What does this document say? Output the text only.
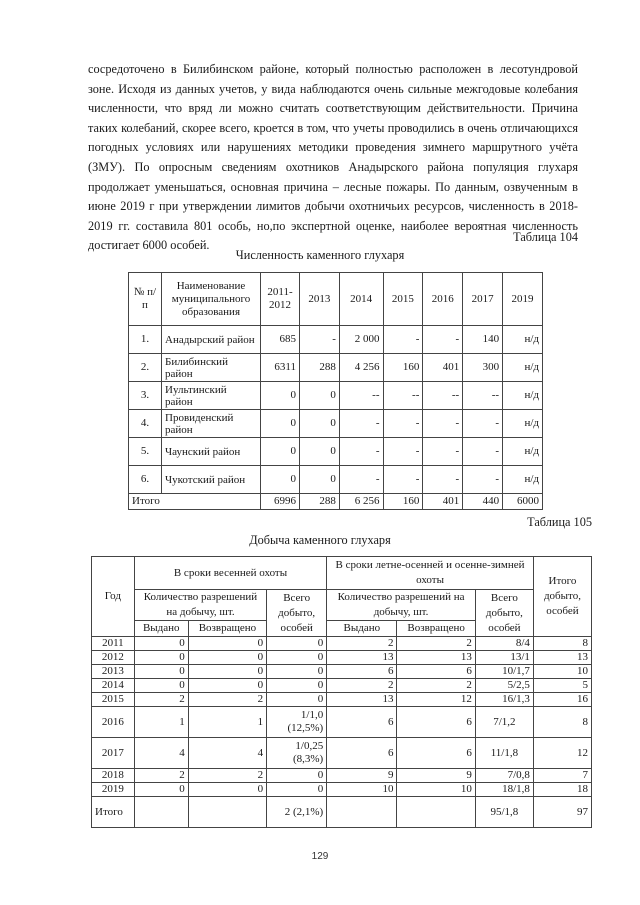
сосредоточено в Билибинском районе, который полностью расположен в лесотундровой зоне. Исходя из данных учетов, у вида наблюдаются очень сильные межгодовые колебания численности, что вряд ли можно считать соответствующим действительности. Причина таких колебаний, скорее всего, кроется в том, что учеты проводились в очень отличающихся погодных условиях или нарушениях методики проведения зимнего маршрутного учёта (ЗМУ). По опросным сведениям охотников Анадырского района популяция глухаря продолжает уменьшаться, основная причина – лесные пожары. По данным, озвученным в июне 2019 г при утверждении лимитов добычи охотничьих ресурсов, численность в 2018-2019 гг. составила 801 особь, но,по экспертной оценке, наиболее вероятная численность достигает 6000 особей.

Таблица 104
Численность каменного глухаря
№ п/п	Наименование муниципального образования	2011-2012	2013	2014	2015	2016	2017	2019
1.	Анадырский район	685	-	2 000	-	-	140	н/д
2.	Билибинский район	6311	288	4 256	160	401	300	н/д
3.	Иультинский район	0	0	--	--	--	--	н/д
4.	Провиденский район	0	0	-	-	-	-	н/д
5.	Чаунский район	0	0	-	-	-	-	н/д
6.	Чукотский район	0	0	-	-	-	-	н/д
Итого		6996	288	6 256	160	401	440	6000
Таблица 105
Добыча каменного глухаря
Год	В сроки весенней охоты			В сроки летне-осенней и осенне-зимней охоты			Итого добыто, особей
	Количество разрешений на добычу, шт.		Всего добыто, особей	Количество разрешений на добычу, шт.		Всего добыто, особей	
	Выдано	Возвращено		Выдано	Возвращено		
2011	0	0	0	2	2	8/4	8
2012	0	0	0	13	13	13/1	13
2013	0	0	0	6	6	10/1,7	10
2014	0	0	0	2	2	5/2,5	5
2015	2	2	0	13	12	16/1,3	16
2016	1	1	1/1,0 (12,5%)	6	6	7/1,2	8
2017	4	4	1/0,25 (8,3%)	6	6	11/1,8	12
2018	2	2	0	9	9	7/0,8	7
2019	0	0	0	10	10	18/1,8	18
Итого			2 (2,1%)			95/1,8	97
129
